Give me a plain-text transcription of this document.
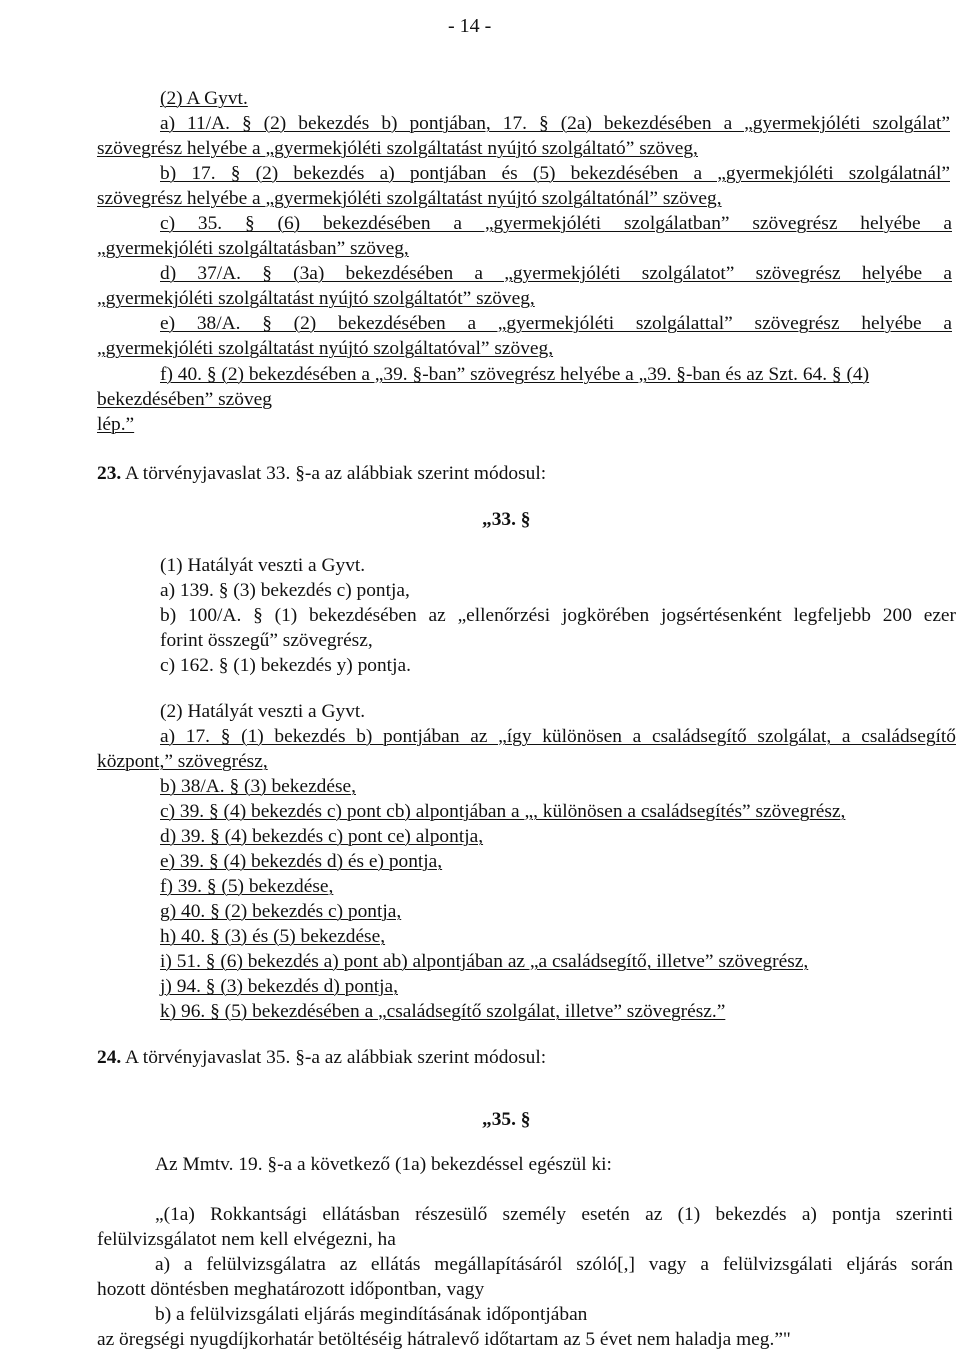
- 14 -
(2) A Gyvt.
a) 11/A. § (2) bekezdés b) pontjában, 17. § (2a) bekezdésében a „gyermekjóléti szolgálat”
szövegrész helyébe a „gyermekjóléti szolgáltatást nyújtó szolgáltató” szöveg,
b) 17. § (2) bekezdés a) pontjában és (5) bekezdésében a „gyermekjóléti szolgálatnál”
szövegrész helyébe a „gyermekjóléti szolgáltatást nyújtó szolgáltatónál” szöveg,
c) 35. § (6) bekezdésében a „gyermekjóléti szolgálatban” szövegrész helyébe a
„gyermekjóléti szolgáltatásban” szöveg,
d) 37/A. § (3a) bekezdésében a „gyermekjóléti szolgálatot” szövegrész helyébe a
„gyermekjóléti szolgáltatást nyújtó szolgáltatót” szöveg,
e) 38/A. § (2) bekezdésében a „gyermekjóléti szolgálattal” szövegrész helyébe a
„gyermekjóléti szolgáltatást nyújtó szolgáltatóval” szöveg,
f) 40. § (2) bekezdésében a „39. §-ban” szövegrész helyébe a „39. §-ban és az Szt. 64. § (4)
bekezdésében” szöveg
lép.”
23. A törvényjavaslat 33. §-a az alábbiak szerint módosul:
„33. §
(1) Hatályát veszti a Gyvt.
a) 139. § (3) bekezdés c) pontja,
b) 100/A. § (1) bekezdésében az „ellenőrzési jogkörében jogsértésenként legfeljebb 200 ezer
forint összegű” szövegrész,
c) 162. § (1) bekezdés y) pontja.
(2) Hatályát veszti a Gyvt.
a) 17. § (1) bekezdés b) pontjában az „így különösen a családsegítő szolgálat, a családsegítő
központ,” szövegrész,
b) 38/A. § (3) bekezdése,
c) 39. § (4) bekezdés c) pont cb) alpontjában a „, különösen a családsegítés” szövegrész,
d) 39. § (4) bekezdés c) pont ce) alpontja,
e) 39. § (4) bekezdés d) és e) pontja,
f) 39. § (5) bekezdése,
g) 40. § (2) bekezdés c) pontja,
h) 40. § (3) és (5) bekezdése,
i) 51. § (6) bekezdés a) pont ab) alpontjában az „a családsegítő, illetve” szövegrész,
j) 94. § (3) bekezdés d) pontja,
k) 96. § (5) bekezdésében a „családsegítő szolgálat, illetve” szövegrész.”
24. A törvényjavaslat 35. §-a az alábbiak szerint módosul:
„35. §
Az Mmtv. 19. §-a a következő (1a) bekezdéssel egészül ki:
„(1a) Rokkantsági ellátásban részesülő személy esetén az (1) bekezdés a) pontja szerinti
felülvizsgálatot nem kell elvégezni, ha
a) a felülvizsgálatra az ellátás megállapításáról szóló[,] vagy a felülvizsgálati eljárás során
hozott döntésben meghatározott időpontban, vagy
b) a felülvizsgálati eljárás megindításának időpontjában
az öregségi nyugdíjkorhatár betöltéséig hátralevő időtartam az 5 évet nem haladja meg.”"
